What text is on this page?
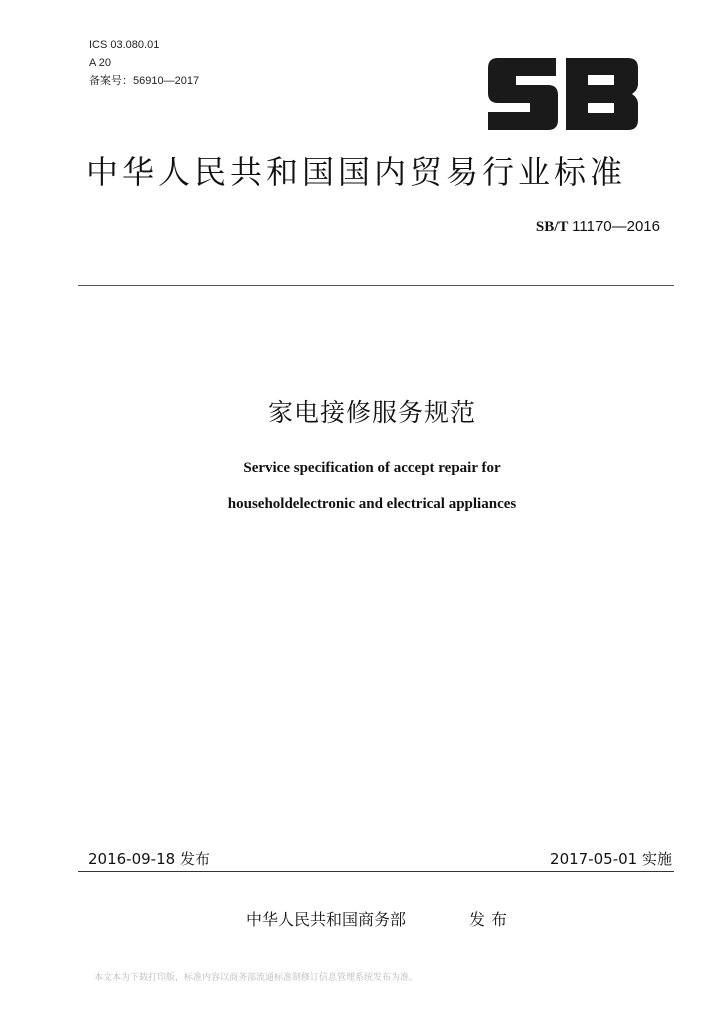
ICS 03.080.01
A 20
备案号：56910—2017
中华人民共和国国内贸易行业标准
SB/T 11170—2016
家电接修服务规范
Service specification of accept repair for
householdelectronic and electrical appliances
2016-09-18 发布	2017-05-01 实施
中华人民共和国商务部	发布
本文本为下载打印版，标准内容以商务部流通标准制修订信息管理系统发布为准。
